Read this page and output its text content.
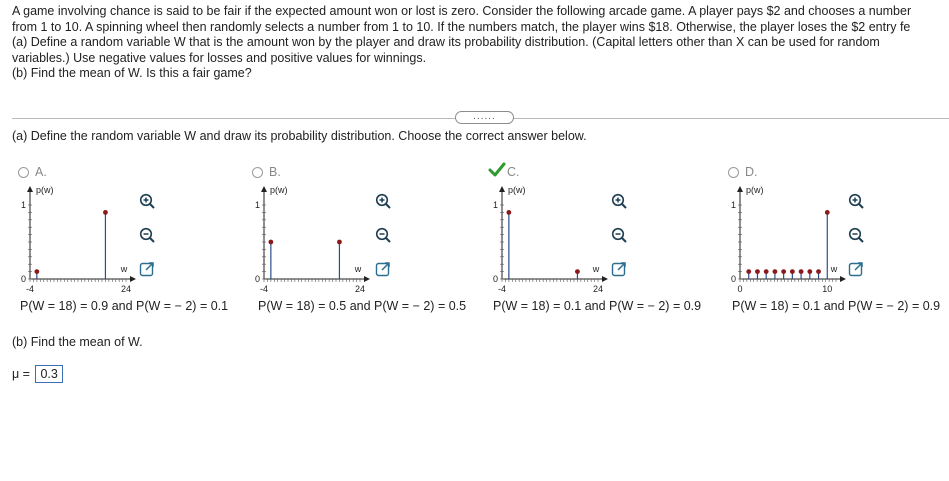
A game involving chance is said to be fair if the expected amount won or lost is zero. Consider the following arcade game. A player pays $2 and chooses a number
from 1 to 10. A spinning wheel then randomly selects a number from 1 to 10. If the numbers match, the player wins $18. Otherwise, the player loses the $2 entry fe
(a) Define a random variable W that is the amount won by the player and draw its probability distribution. (Capital letters other than X can be used for random
variables.) Use negative values for losses and positive values for winnings.
(b) Find the mean of W. Is this a fair game?
......
(a) Define the random variable W and draw its probability distribution. Choose the correct answer below.
A.
p(w)
1
0
w
-4	24
P(W = 18) = 0.9 and P(W = − 2) = 0.1
B.
p(w)
1
0
w
-4	24
P(W = 18) = 0.5 and P(W = − 2) = 0.5
C.
p(w)
1
0
w
-4	24
P(W = 18) = 0.1 and P(W = − 2) = 0.9
D.
p(w)
1
0
w
0	10
P(W = 18) = 0.1 and P(W = − 2) = 0.9
(b) Find the mean of W.
μ = 0.3
